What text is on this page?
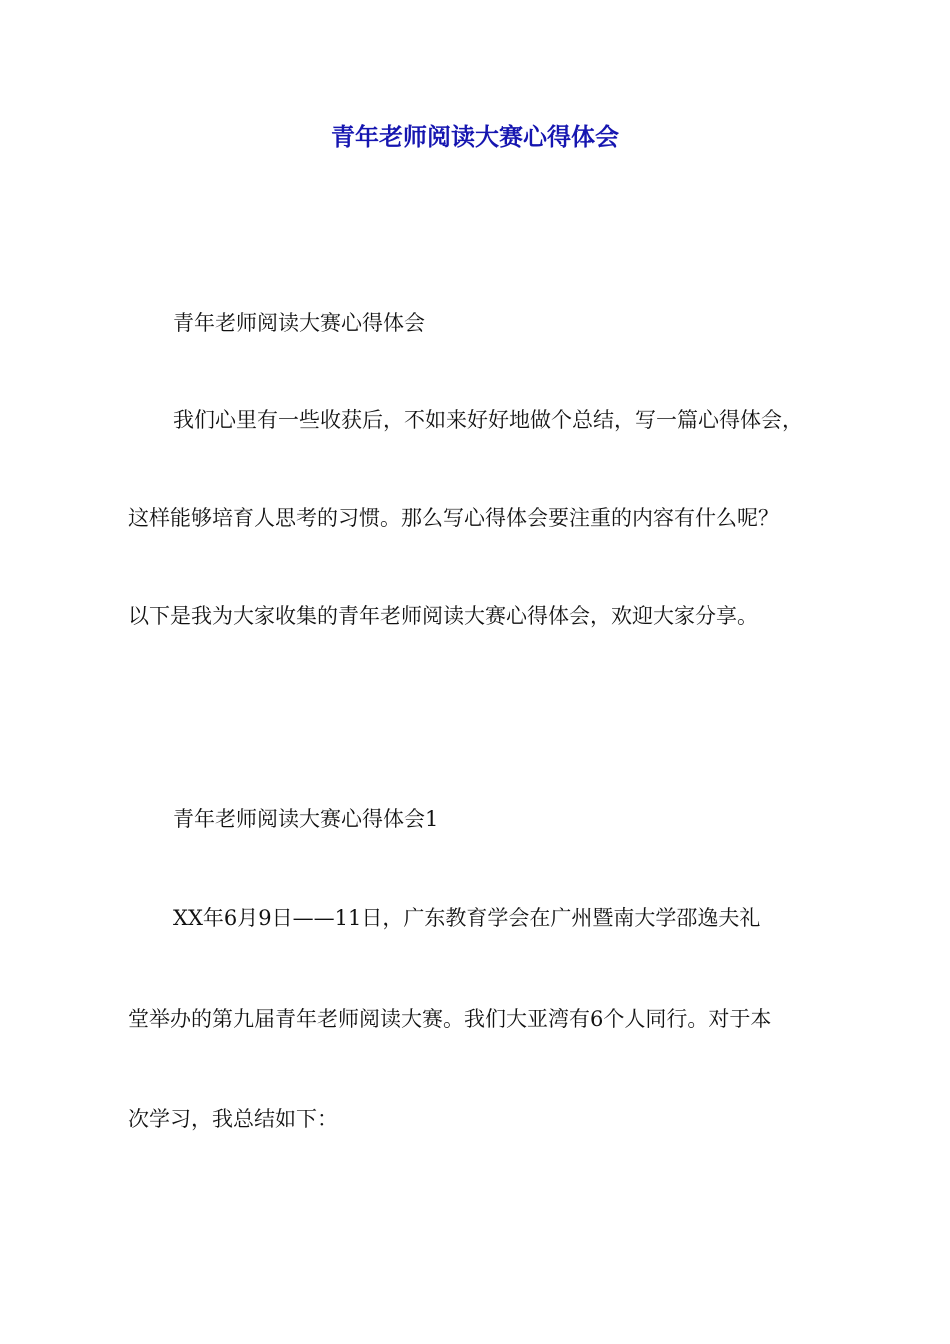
青年老师阅读大赛心得体会
青年老师阅读大赛心得体会
我们心里有一些收获后，不如来好好地做个总结，写一篇心得体会，
这样能够培育人思考的习惯。那么写心得体会要注重的内容有什么呢？
以下是我为大家收集的青年老师阅读大赛心得体会，欢迎大家分享。
青年老师阅读大赛心得体会1
XX年6月9日——11日，广东教育学会在广州暨南大学邵逸夫礼
堂举办的第九届青年老师阅读大赛。我们大亚湾有6个人同行。对于本
次学习，我总结如下：
